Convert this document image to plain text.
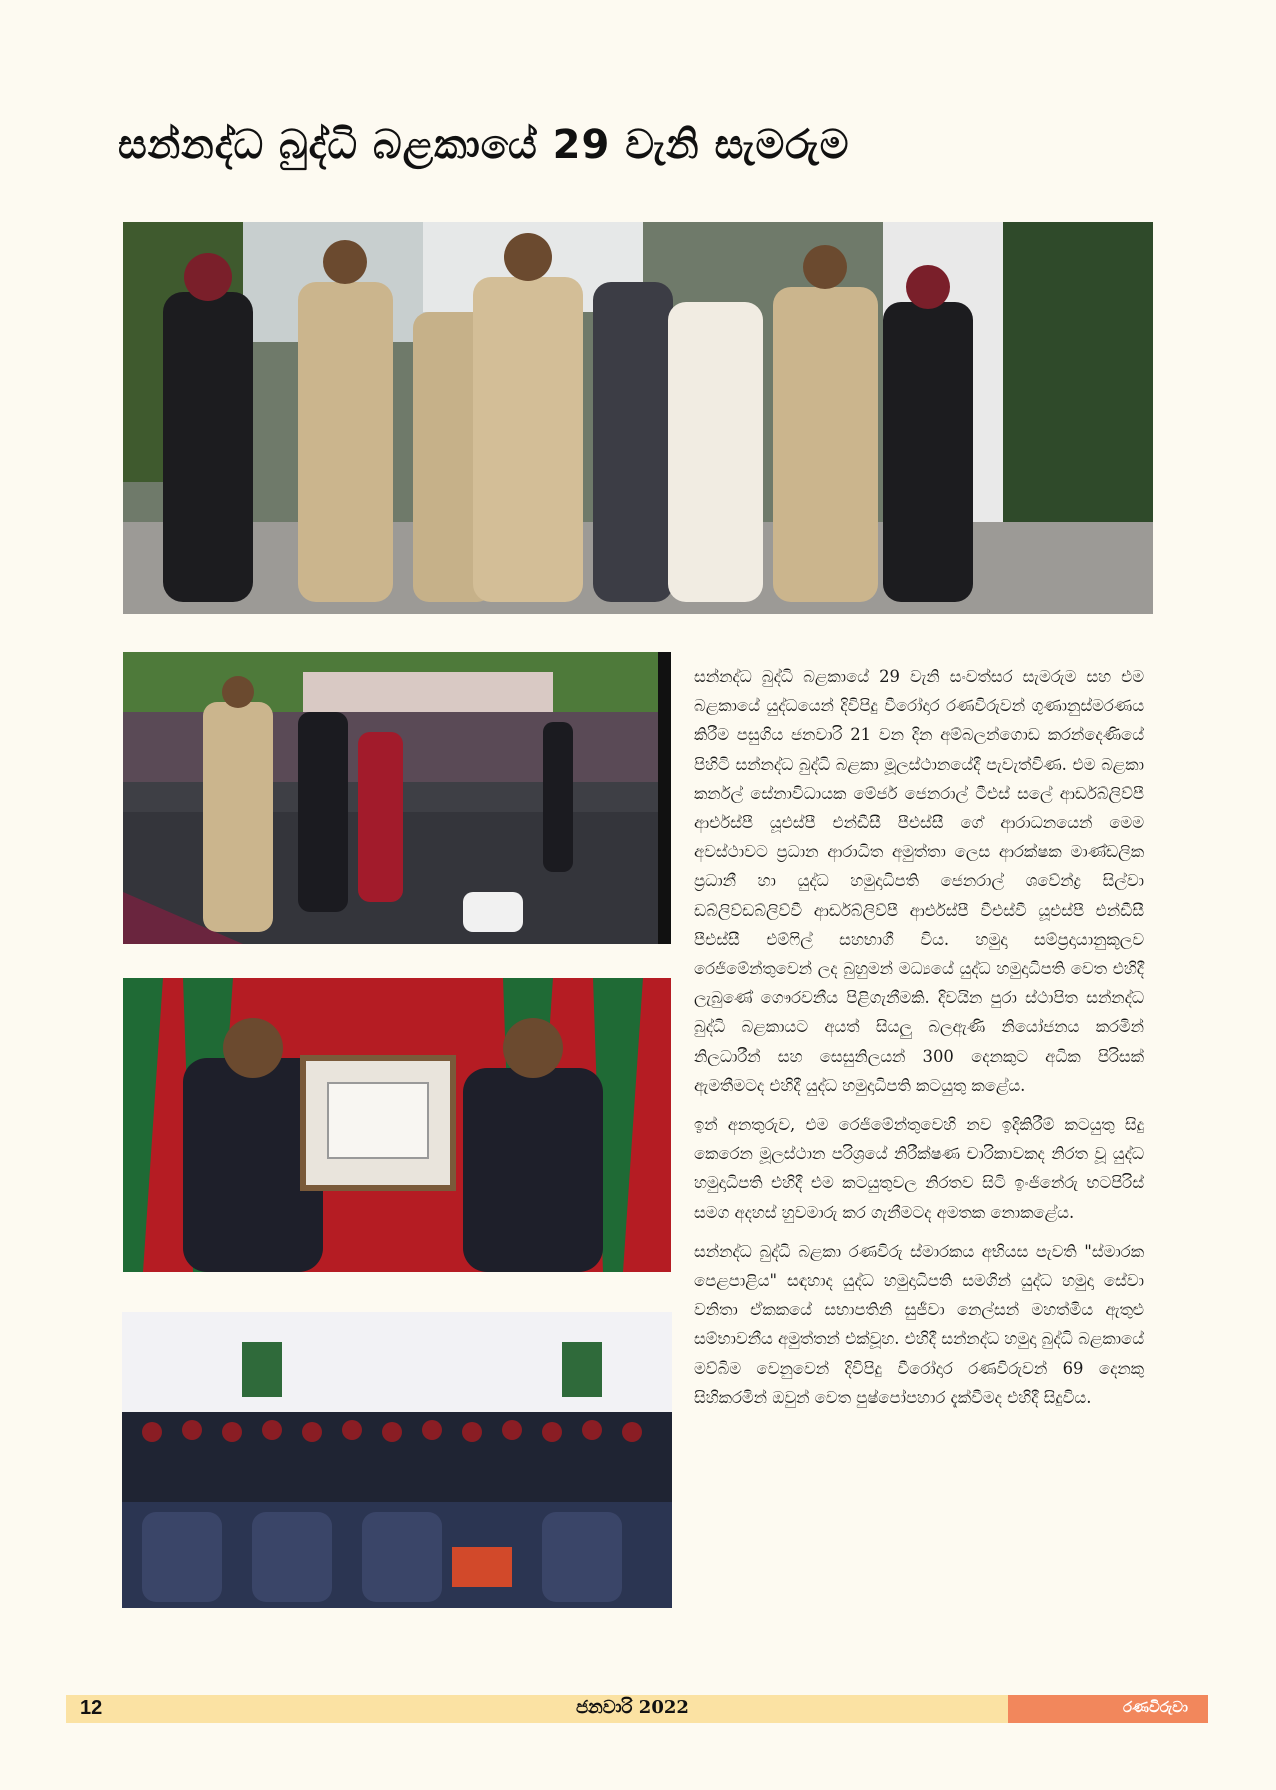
සන්නද්ධ බුද්ධි බළකායේ 29 වැනි සැමරුම

සන්නද්ධ බුද්ධි බළකායේ 29 වැනි සංවත්සර සැමරුම සහ එම බළකායේ යුද්ධයෙන් දිවිපිදු වීරෝදාර රණවිරුවන් ගුණානුස්මරණය කිරීම පසුගිය ජනවාරි 21 වන දින අම්බලන්ගොඩ කරන්දෙණියේ පිහිටි සන්නද්ධ බුද්ධි බළකා මූලස්ථානයේදී පැවැත්විණ. එම බළකා කර්නල් සේනාවිධායක මේජර් ජෙනරාල් ටීඑස් සලේ ආර්ඩබ්ලිව්පී ආර්එස්පී යූඑස්පී එන්ඩීසී පීඑස්සී ගේ ආරාධනයෙන් මෙම අවස්ථාවට ප්‍රධාන ආරාධිත අමුත්තා ලෙස ආරක්ෂක මාණ්ඩලික ප්‍රධානී හා යුද්ධ හමුදාධිපති ජෙනරාල් ශවේන්ද්‍ර සිල්වා ඩබ්ලිව්ඩබ්ලිව්වී ආර්ඩබ්ලිව්පී ආර්එස්පී වීඑස්වී යූඑස්පී එන්ඩීසී පීඑස්සී එම්ෆිල් සහභාගී විය. හමුදා සම්ප්‍රදායානුකූලව රෙජිමේන්තුවෙන් ලද බුහුමන් මධ්‍යයේ යුද්ධ හමුදාධිපති වෙත එහිදී ලැබුණේ ගෞරවනීය පිළිගැනීමකි. දිවයින පුරා ස්ථාපිත සන්නද්ධ බුද්ධි බළකායට අයත් සියලු බලඇණි නියෝජනය කරමින් නිලධාරීන් සහ සෙසුනිලයන් 300 දෙනකුට අධික පිරිසක් ඇමතීමටද එහිදී යුද්ධ හමුදාධිපති කටයුතු කළේය.

ඉන් අනතුරුව, එම රෙජිමේන්තුවෙහි නව ඉදිකිරීම් කටයුතු සිදු කෙරෙන මූලස්ථාන පරිශ්‍රයේ නිරීක්ෂණ චාරිකාවකද නිරත වූ යුද්ධ හමුදාධිපති එහිදී එම කටයුතුවල නිරතව සිටි ඉංජිනේරු භටපිරිස් සමග අදහස් හුවමාරු කර ගැනීමටද අමතක නොකළේය.

සන්නද්ධ බුද්ධි බළකා රණවිරු ස්මාරකය අභියස පැවති "ස්මාරක පෙළපාළිය" සඳහාද යුද්ධ හමුදාධිපති සමගින් යුද්ධ හමුදා සේවා වනිතා ඒකකයේ සභාපතිනි සුජීවා නෙල්සන් මහත්මිය ඇතුළු සම්භාවනීය අමුත්තන් එක්වූහ. එහිදී සන්නද්ධ හමුදා බුද්ධි බළකායේ මව්බිම වෙනුවෙන් දිවිපිදු වීරෝදාර රණවිරුවන් 69 දෙනකු සිහිකරමින් ඔවුන් වෙත පුෂ්පෝපහාර දැක්වීමද එහිදී සිදුවිය.

12	ජනවාරි 2022	රණවිරුවා
